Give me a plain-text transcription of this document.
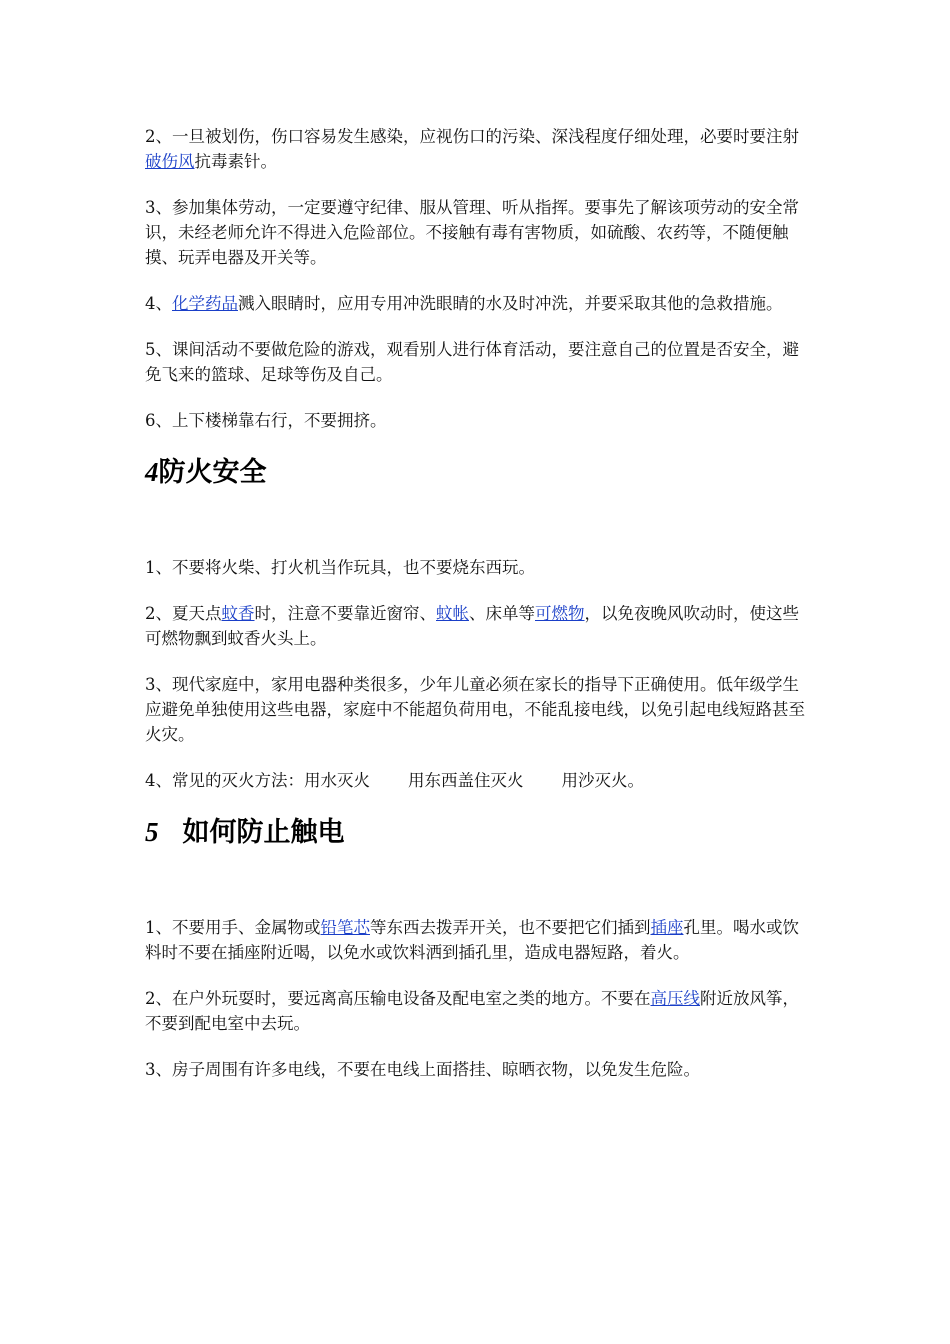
2、一旦被划伤，伤口容易发生感染，应视伤口的污染、深浅程度仔细处理，必要时要注射破伤风抗毒素针。

3、参加集体劳动，一定要遵守纪律、服从管理、听从指挥。要事先了解该项劳动的安全常识，未经老师允许不得进入危险部位。不接触有毒有害物质，如硫酸、农药等，不随便触摸、玩弄电器及开关等。

4、化学药品溅入眼睛时，应用专用冲洗眼睛的水及时冲洗，并要采取其他的急救措施。

5、课间活动不要做危险的游戏，观看别人进行体育活动，要注意自己的位置是否安全，避免飞来的篮球、足球等伤及自己。

6、上下楼梯靠右行，不要拥挤。

4防火安全

1、不要将火柴、打火机当作玩具，也不要烧东西玩。

2、夏天点蚊香时，注意不要靠近窗帘、蚊帐、床单等可燃物，以免夜晚风吹动时，使这些可燃物飘到蚊香火头上。

3、现代家庭中，家用电器种类很多，少年儿童必须在家长的指导下正确使用。低年级学生应避免单独使用这些电器，家庭中不能超负荷用电，不能乱接电线，以免引起电线短路甚至火灾。

4、常见的灭火方法：用水灭火 用东西盖住灭火 用沙灭火。

5 如何防止触电

1、不要用手、金属物或铅笔芯等东西去拨弄开关，也不要把它们插到插座孔里。喝水或饮料时不要在插座附近喝，以免水或饮料洒到插孔里，造成电器短路，着火。

2、在户外玩耍时，要远离高压输电设备及配电室之类的地方。不要在高压线附近放风筝，不要到配电室中去玩。

3、房子周围有许多电线，不要在电线上面搭挂、晾晒衣物，以免发生危险。
